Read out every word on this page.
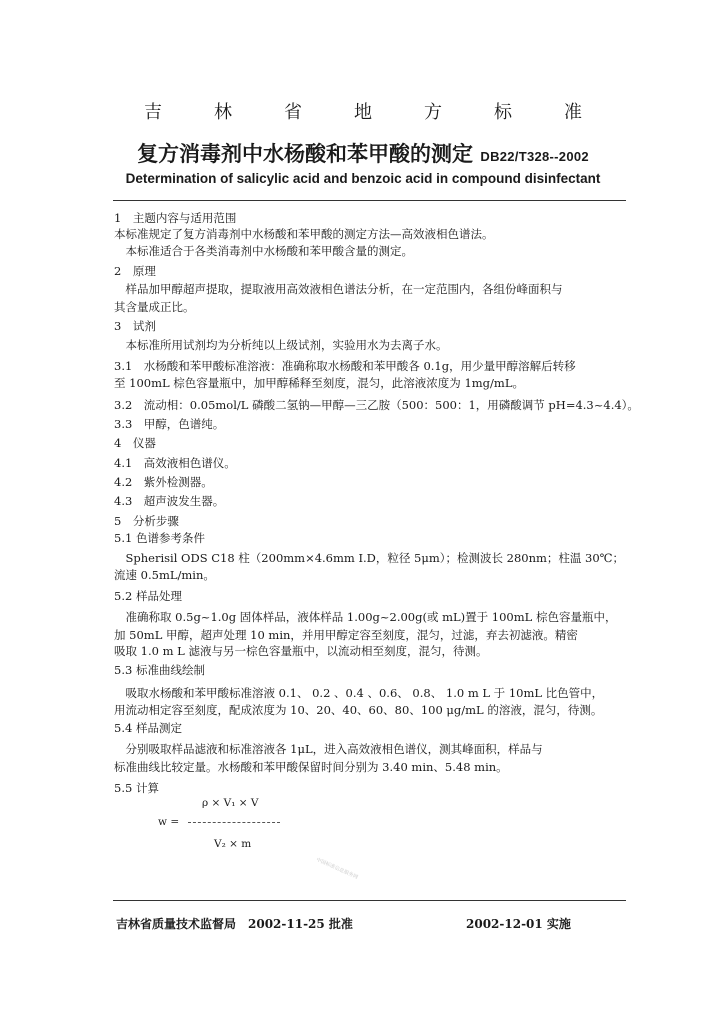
吉林省地方标准
复方消毒剂中水杨酸和苯甲酸的测定 DB22/T328--2002
Determination of salicylic acid and benzoic acid in compound disinfectant
1　主题内容与适用范围
本标准规定了复方消毒剂中水杨酸和苯甲酸的测定方法—高效液相色谱法。
　本标准适合于各类消毒剂中水杨酸和苯甲酸含量的测定。
2　原理
　样品加甲醇超声提取，提取液用高效液相色谱法分析，在一定范围内，各组份峰面积与
其含量成正比。
3　试剂
　本标准所用试剂均为分析纯以上级试剂，实验用水为去离子水。
3.1　水杨酸和苯甲酸标准溶液：准确称取水杨酸和苯甲酸各 0.1g，用少量甲醇溶解后转移
至 100mL 棕色容量瓶中，加甲醇稀释至刻度，混匀，此溶液浓度为 1mg/mL。
3.2　流动相：0.05mol/L 磷酸二氢钠—甲醇—三乙胺（500：500：1，用磷酸调节 pH=4.3~4.4）。
3.3　甲醇，色谱纯。
4　仪器
4.1　高效液相色谱仪。
4.2　紫外检测器。
4.3　超声波发生器。
5　分析步骤
5.1 色谱参考条件
　Spherisil ODS C18 柱（200mm×4.6mm I.D，粒径 5μm）；检测波长 280nm；柱温 30℃；
流速 0.5mL/min。
5.2 样品处理
　准确称取 0.5g~1.0g 固体样品，液体样品 1.00g~2.00g(或 mL)置于 100mL 棕色容量瓶中，
加 50mL 甲醇，超声处理 10 min，并用甲醇定容至刻度，混匀，过滤，弃去初滤液。精密
吸取 1.0 m L 滤液与另一棕色容量瓶中，以流动相至刻度，混匀，待测。
5.3 标准曲线绘制
　吸取水杨酸和苯甲酸标准溶液 0.1、 0.2 、0.4 、0.6、 0.8、 1.0 m L 于 10mL 比色管中，
用流动相定容至刻度，配成浓度为 10、20、40、60、80、100 μg/mL 的溶液，混匀，待测。
5.4 样品测定
　分别吸取样品滤液和标准溶液各 1μL，进入高效液相色谱仪，测其峰面积，样品与
标准曲线比较定量。水杨酸和苯甲酸保留时间分别为 3.40 min、5.48 min。
5.5 计算
ρ × V₁ × V
w =
V₂ × m
中国标准信息服务网
吉林省质量技术监督局　2002-11-25 批准	2002-12-01 实施
